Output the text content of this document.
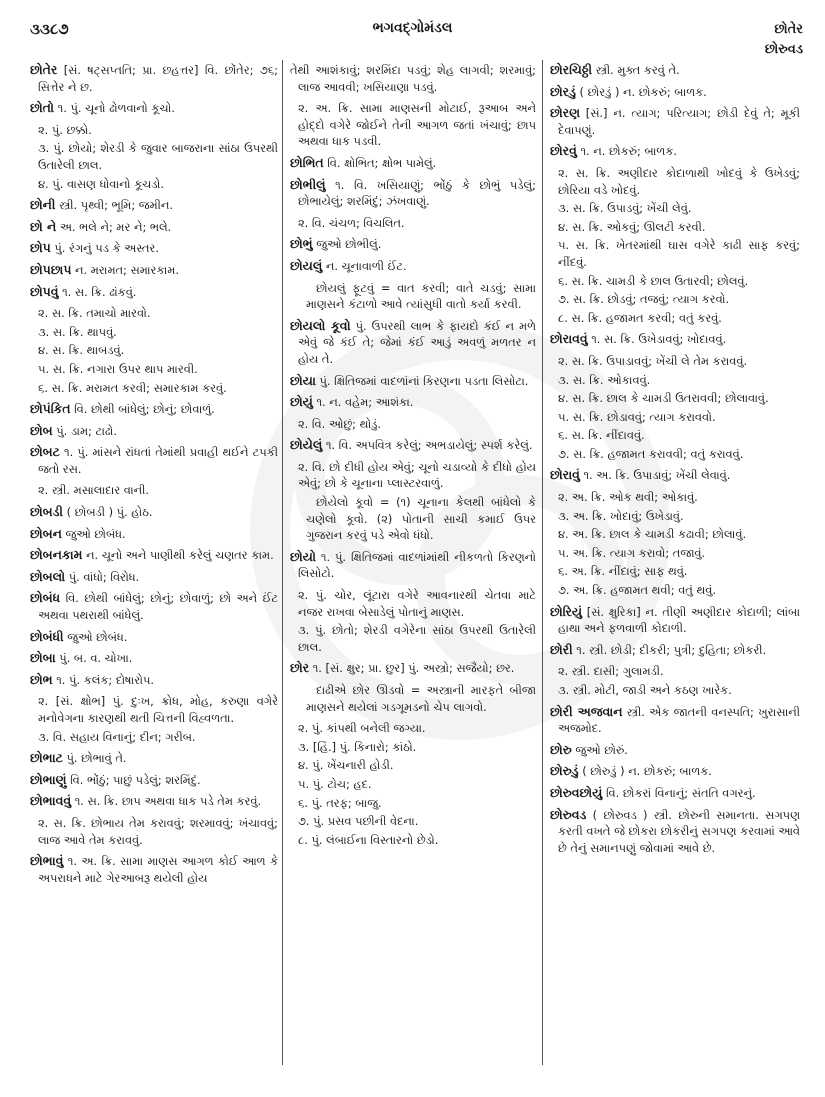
૩૩૮૭	ભગવદ્ગોમંડલ	છોતેર
છોરુવડ
છોતેર [સં. ષટ્સપ્તતિ; પ્રા. છહત્તર] વિ. છોંતેર; ૭૬; સિત્તેર ને છ.
છોતો ૧. પું. ચૂનો ઢોળવાનો કૂચો.
૨. પું. છક્કો.
૩. પું. છોયો; શેરડી કે જુવાર બાજરાના સાંઠા ઉપરથી ઉતારેલી છાલ.
૪. પું. વાસણ ધોવાનો કૂચડો.
છોની સ્ત્રી. પૃથ્વી; ભૂમિ; જમીન.
છો ને અ. ભલે ને; મર ને; ભલે.
છોપ પું. રંગનું પડ કે અસ્તર.
છોપછાપ ન. મરામત; સમારકામ.
છોપવું ૧. સ. ક્રિ. ઢાંકવું.
૨. સ. ક્રિ. તમાચો મારવો.
૩. સ. ક્રિ. થાપવું.
૪. સ. ક્રિ. થાબડવું.
૫. સ. ક્રિ. નગારા ઉપર થાપ મારવી.
૬. સ. ક્રિ. મરામત કરવી; સમારકામ કરવું.
છોપંકિત વિ. છોથી બાંધેલું; છોનું; છોવાળું.
છોબ પું. ડામ; ટાઢો.
છોબટ ૧. પું. માંસને રાંધતાં તેમાંથી પ્રવાહી થઈને ટપકી જતો રસ.
૨. સ્ત્રી. મસાલાદાર વાની.
છોબડી ( છોબડી ) પું. હોઠ.
છોબન જુઓ છોબંધ.
છોબનકામ ન. ચૂનો અને પાણીથી કરેલું ચણતર કામ.
છોબલો પું. વાંધો; વિરોધ.
છોબંધ વિ. છોથી બાંધેલું; છોનું; છોવાળું; છો અને ઈંટ અથવા પથરાથી બાંધેલું.
છોબંધી જુઓ છોબંધ.
છોબા પું. બ. વ. ચોખા.
છોભ ૧. પું. કલંક; દોષારોપ.
૨. [સં. ક્ષોભ] પું. દુઃખ, ક્રોધ, મોહ, કરુણા વગેરે મનોવેગના કારણથી થતી ચિત્તની વિહ્વળતા.
૩. વિ. સહાય વિનાનું; દીન; ગરીબ.
છોભાટ પું. છોભાવું તે.
છોભાણું વિ. ભોંઠું; પાછું પડેલું; શરમિંદું.
છોભાવવું ૧. સ. ક્રિ. છાપ અથવા ધાક પડે તેમ કરવું.
૨. સ. ક્રિ. છોભાય તેમ કરાવવું; શરમાવવું; ખંચાવવું; લાજ આવે તેમ કરાવવું.
છોભાવું ૧. અ. ક્રિ. સામા માણસ આગળ કોઈ આળ કે અપરાધને માટે ગેરઆબરૂ થયેલી હોય
તેથી આશંકાવું; શરમિંદા પડવું; શેહ લાગવી; શરમાવું; લાજ આવવી; ખસિયાણા પડવું.
૨. અ. ક્રિ. સામા માણસની મોટાઈ, રૂઆબ અને હોદ્દો વગેરે જોઈને તેની આગળ જતાં ખંચાવું; છાપ અથવા ધાક પડવી.
છોભિત વિ. ક્ષોભિત; ક્ષોભ પામેલું.
છોભીલું ૧. વિ. ખસિયાણું; ભોંઠું કે છોભું પડેલું; છોભાયેલું; શરમિંદું; ઝંખવાણું.
૨. વિ. ચંચળ; વિચલિત.
છોભું જુઓ છોભીલું.
છોયલું ન. ચૂનાવાળી ઈંટ.
છોયલું ફૂટવું = વાત કરવી; વાતે ચડવું; સામા માણસને કંટાળો આવે ત્યાંસુધી વાતો કર્યા કરવી.
છોયલો કૂવો પું. ઉપરથી લાભ કે ફાયદો કંઈ ન મળે એવું જે કંઈ તે; જેમાં કંઈ આડું અવળું મળતર ન હોય તે.
છોયા પું. ક્ષિતિજમાં વાદળાંનાં કિરણના પડતા લિસોટા.
છોયું ૧. ન. વહેમ; આશંકા.
૨. વિ. ઓછું; થોડું.
છોયેલું ૧. વિ. અપવિત્ર કરેલું; અભડાયેલું; સ્પર્શ કરેલું.
૨. વિ. છો દીધી હોય એવું; ચૂનો ચડાવ્યો કે દીધો હોય એવું; છો કે ચૂનાના પ્લાસ્ટરવાળું.
છોયેલો કૂવો = (૧) ચૂનાના કેલથી બાંધેલો કે ચણેલો કૂવો. (૨) પોતાની સાચી કમાઈ ઉપર ગુજરાન કરવું પડે એવો ધંધો.
છોયો ૧. પું. ક્ષિતિજમાં વાદળાંમાંથી નીકળતો કિરણનો લિસોટો.
૨. પું. ચોર, લૂંટારા વગેરે આવનારથી ચેતવા માટે નજર રાખવા બેસાડેલું પોતાનું માણસ.
૩. પું. છોતો; શેરડી વગેરેના સાંઠા ઉપરથી ઉતારેલી છાલ.
છોર ૧. [સં. ક્ષુર; પ્રા. છુર] પું. અસ્ત્રો; સજૈયો; છર.
દાઢીએ છોર ઊડવો = અસ્ત્રાની મારફતે બીજા માણસને થયેલાં ગડગૂમડનો ચેપ લાગવો.
૨. પું. કાંપથી બનેલી જગ્યા.
૩. [હિં.] પું. કિનારો; કાંઠો.
૪. પું. ખેંચનારી હોડી.
૫. પું. ટોચ; હદ.
૬. પું. તરફ; બાજુ.
૭. પું. પ્રસવ પછીની વેદના.
૮. પું. લંબાઈના વિસ્તારનો છેડો.
છોરચિઠ્ઠી સ્ત્રી. મુક્ત કરવું તે.
છોરડું ( છોરડું ) ન. છોકરું; બાળક.
છોરણ [સં.] ન. ત્યાગ; પરિત્યાગ; છોડી દેવું તે; મૂકી દેવાપણું.
છોરવું ૧. ન. છોકરું; બાળક.
૨. સ. ક્રિ. અણીદાર કોદાળાથી ખોદવું કે ઉખેડવું; છોરિયા વડે ખોદવું.
૩. સ. ક્રિ. ઉપાડવું; ખેંચી લેવું.
૪. સ. ક્રિ. ઓકવું; ઊલટી કરવી.
૫. સ. ક્રિ. ખેતરમાંથી ઘાસ વગેરે કાઢી સાફ કરવું; નીંદવું.
૬. સ. ક્રિ. ચામડી કે છાલ ઉતારવી; છોલવું.
૭. સ. ક્રિ. છોડવું; તજવું; ત્યાગ કરવો.
૮. સ. ક્રિ. હજામત કરવી; વતું કરવું.
છોરાવવું ૧. સ. ક્રિ. ઉખેડાવવું; ખોદાવવું.
૨. સ. ક્રિ. ઉપાડાવવું; ખેંચી લે તેમ કરાવવું.
૩. સ. ક્રિ. ઓકાવવું.
૪. સ. ક્રિ. છાલ કે ચામડી ઉતરાવવી; છોલાવાવું.
૫. સ. ક્રિ. છોડાવવું; ત્યાગ કરાવવો.
૬. સ. ક્રિ. નીંદાવવું.
૭. સ. ક્રિ. હજામત કરાવવી; વતું કરાવવું.
છોરાવું ૧. અ. ક્રિ. ઉપાડાવું; ખેંચી લેવાવું.
૨. અ. ક્રિ. ઓક થવી; ઓકાવું.
૩. અ. ક્રિ. ખોદાવું; ઉખેડાવું.
૪. અ. ક્રિ. છાલ કે ચામડી કઢાવી; છોલાવું.
૫. અ. ક્રિ. ત્યાગ કરાવો; તજાવું.
૬. અ. ક્રિ. નીંદાવું; સાફ થવું.
૭. અ. ક્રિ. હજામત થવી; વતું થવું.
છોરિયું [સં. ક્ષુરિકા] ન. તીણી અણીદાર કોદાળી; લાંબા હાથા અને ફળવાળી કોદાળી.
છોરી ૧. સ્ત્રી. છોડી; દીકરી; પુત્રી; દુહિતા; છોકરી.
૨. સ્ત્રી. દાસી; ગુલામડી.
૩. સ્ત્રી. મોટી, જાડી અને કઠણ ખારેક.
છોરી અજવાન સ્ત્રી. એક જાતની વનસ્પતિ; ખુરાસાની અજમોદ.
છોરુ જુઓ છોરું.
છોરુડું ( છોરુડું ) ન. છોકરું; બાળક.
છોરુવછોયું વિ. છોકરાં વિનાનું; સંતતિ વગરનું.
છોરુવડ ( છોરુવડ ) સ્ત્રી. છોરુની સમાનતા. સગપણ કરતી વખતે જે છોકરા છોકરીનું સગપણ કરવામાં આવે છે તેનું સમાનપણું જોવામાં આવે છે.
